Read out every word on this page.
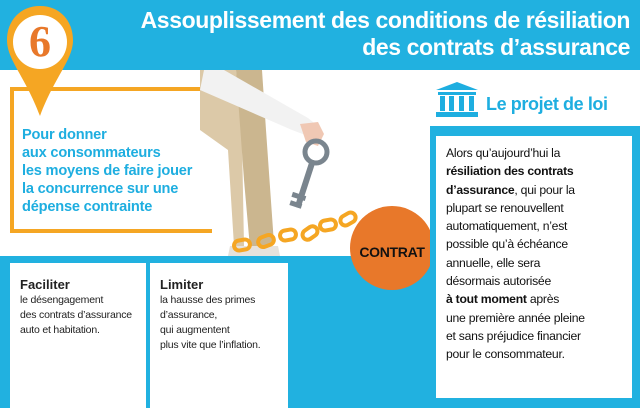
Assouplissement des conditions de résiliation
des contrats d’assurance
6
Pour donner
aux consommateurs
les moyens de faire jouer
la concurrence sur une
dépense contrainte
Faciliter
le désengagement
des contrats d’assurance
auto et habitation.
Limiter
la hausse des primes
d’assurance,
qui augmentent
plus vite que l’inflation.
CONTRAT
Le projet de loi
Alors qu’aujourd’hui la
résiliation des contrats
d’assurance, qui pour la
plupart se renouvellent
automatiquement, n’est
possible qu’à échéance
annuelle, elle sera
désormais autorisée
à tout moment après
une première année pleine
et sans préjudice financier
pour le consommateur.
